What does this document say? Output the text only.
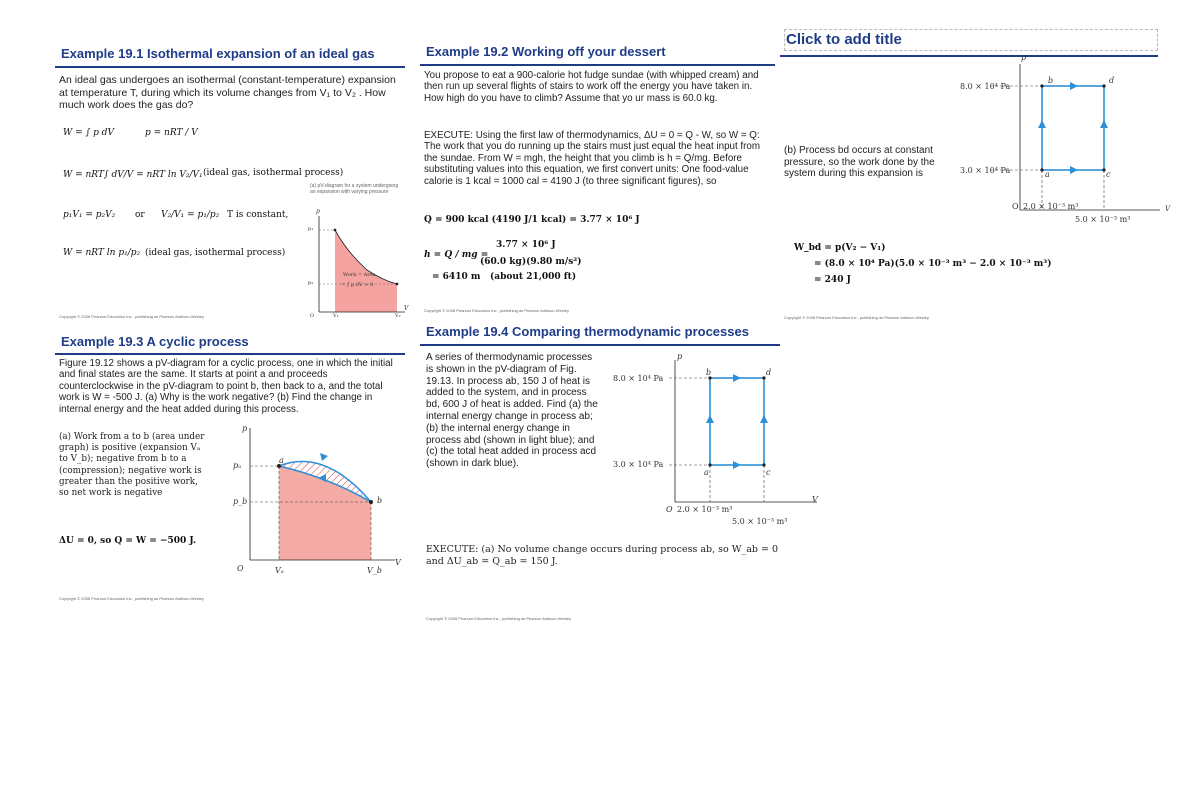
Example 19.1 Isothermal expansion of an ideal gas
An ideal gas undergoes an isothermal (constant-temperature) expansion at temperature T, during which its volume changes from V₁ to V₂ . How much work does the gas do?
W = ∫ p dV	p = nRT / V
W = nRT∫ dV/V = nRT ln V₂/V₁ (ideal gas, isothermal process)
p₁V₁ = p₂V₂ or V₂/V₁ = p₁/p₂ T is constant,
W = nRT ln p₁/p₂ (ideal gas, isothermal process)
(a) pV-diagram for a system undergoing an expansion with varying pressure
p
V
p₁
p₂
Work = Area
= ∫ p dV > 0
V₁	V₂
O
Copyright © 2008 Pearson Education Inc., publishing as Pearson Addison-Wesley
Example 19.2 Working off your dessert
You propose to eat a 900-calorie hot fudge sundae (with whipped cream) and then run up several flights of stairs to work off the energy you have taken in. How high do you have to climb? Assume that yo ur mass is 60.0 kg.
EXECUTE: Using the first law of thermodynamics, ΔU = 0 = Q - W, so W = Q: The work that you do running up the stairs must just equal the heat input from the sundae. From W = mgh, the height that you climb is h = Q/mg. Before substituting values into this equation, we first convert units: One food-value calorie is 1 kcal = 1000 cal = 4190 J (to three significant figures), so
Q = 900 kcal (4190 J/1 kcal) = 3.77 × 10⁶ J
h = Q / mg =
3.77 × 10⁶ J
(60.0 kg)(9.80 m/s²)
= 6410 m (about 21,000 ft)
Copyright © 2008 Pearson Education Inc., publishing as Pearson Addison-Wesley
Click to add title
(b) Process bd occurs at constant pressure, so the work done by the system during this expansion is
p
V
8.0 × 10⁴ Pa
3.0 × 10⁴ Pa	a
b
c
d
O 2.0 × 10⁻³ m³
5.0 × 10⁻³ m³
W_bd = p(V₂ − V₁)
= (8.0 × 10⁴ Pa)(5.0 × 10⁻³ m³ − 2.0 × 10⁻³ m³)
= 240 J
Copyright © 2008 Pearson Education Inc., publishing as Pearson Addison-Wesley
Example 19.3 A cyclic process
Figure 19.12 shows a pV-diagram for a cyclic process, one in which the initial and final states are the same. It starts at point a and proceeds counterclockwise in the pV-diagram to point b, then back to a, and the total work is W = -500 J. (a) Why is the work negative? (b) Find the change in internal energy and the heat added during this process.
(a) Work from a to b (area under graph) is positive (expansion Vₐ to V_b); negative from b to a (compression); negative work is greater than the positive work, so net work is negative
ΔU = 0, so Q = W = −500 J.
p
V
pₐ
p_b
a
b
O	Vₐ	V_b
Copyright © 2008 Pearson Education Inc., publishing as Pearson Addison-Wesley
Example 19.4 Comparing thermodynamic processes
A series of thermodynamic processes is shown in the pV-diagram of Fig. 19.13. In process ab, 150 J of heat is added to the system, and in process bd, 600 J of heat is added. Find (a) the internal energy change in process ab; (b) the internal energy change in process abd (shown in light blue); and (c) the total heat added in process acd (shown in dark blue).
p
V
8.0 × 10⁴ Pa
3.0 × 10⁴ Pa
a
b
c
d
O 2.0 × 10⁻³ m³
5.0 × 10⁻³ m³
EXECUTE: (a) No volume change occurs during process ab, so W_ab = 0 and ΔU_ab = Q_ab = 150 J.
Copyright © 2008 Pearson Education Inc., publishing as Pearson Addison-Wesley
